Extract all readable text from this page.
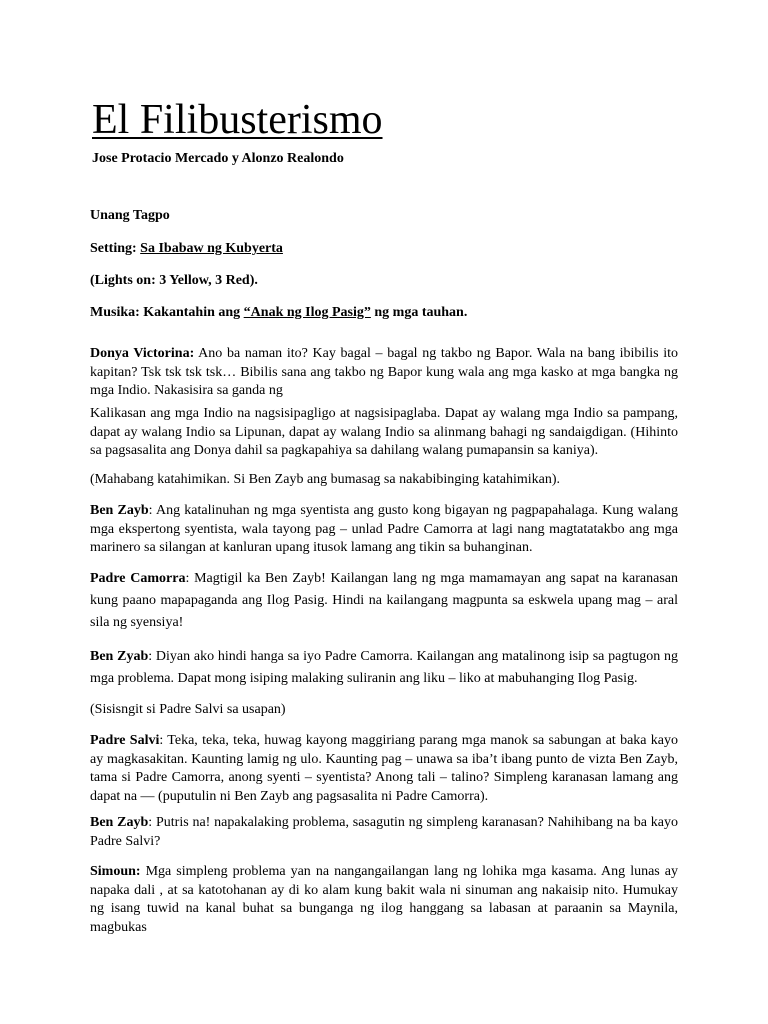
El Filibusterismo
Jose Protacio Mercado y Alonzo Realondo
Unang Tagpo
Setting: Sa Ibabaw ng Kubyerta
(Lights on: 3 Yellow, 3 Red).
Musika: Kakantahin ang “Anak ng Ilog Pasig” ng mga tauhan.

Donya Victorina: Ano ba naman ito? Kay bagal – bagal ng takbo ng Bapor. Wala na bang ibibilis ito kapitan? Tsk tsk tsk tsk… Bibilis sana ang takbo ng Bapor kung wala ang mga kasko at mga bangka ng mga Indio. Nakasisira sa ganda ng

Kalikasan ang mga Indio na nagsisipagligo at nagsisipaglaba. Dapat ay walang mga Indio sa pampang, dapat ay walang Indio sa Lipunan, dapat ay walang Indio sa alinmang bahagi ng sandaigdigan. (Hihinto sa pagsasalita ang Donya dahil sa pagkapahiya sa dahilang walang pumapansin sa kaniya).

(Mahabang katahimikan. Si Ben Zayb ang bumasag sa nakabibinging katahimikan).

Ben Zayb: Ang katalinuhan ng mga syentista ang gusto kong bigayan ng pagpapahalaga. Kung walang mga ekspertong syentista, wala tayong pag – unlad Padre Camorra at lagi nang magtatatakbo ang mga marinero sa silangan at kanluran upang itusok lamang ang tikin sa buhanginan.

Padre Camorra: Magtigil ka Ben Zayb! Kailangan lang ng mga mamamayan ang sapat na karanasan kung paano mapapaganda ang Ilog Pasig. Hindi na kailangang magpunta sa eskwela upang mag – aral sila ng syensiya!

Ben Zyab: Diyan ako hindi hanga sa iyo Padre Camorra. Kailangan ang matalinong isip sa pagtugon ng mga problema. Dapat mong isiping malaking suliranin ang liku – liko at mabuhanging Ilog Pasig.

(Sisisngit si Padre Salvi sa usapan)

Padre Salvi: Teka, teka, teka, huwag kayong maggiriang parang mga manok sa sabungan at baka kayo ay magkasakitan. Kaunting lamig ng ulo. Kaunting pag – unawa sa iba’t ibang punto de vizta Ben Zayb, tama si Padre Camorra, anong syenti – syentista? Anong tali – talino? Simpleng karanasan lamang ang dapat na — (puputulin ni Ben Zayb ang pagsasalita ni Padre Camorra).

Ben Zayb: Putris na! napakalaking problema, sasagutin ng simpleng karanasan? Nahihibang na ba kayo Padre Salvi?

Simoun: Mga simpleng problema yan na nangangailangan lang ng lohika mga kasama. Ang lunas ay napaka dali , at sa katotohanan ay di ko alam kung bakit wala ni sinuman ang nakaisip nito. Humukay ng isang tuwid na kanal buhat sa bunganga ng ilog hanggang sa labasan at paraanin sa Maynila, magbukas
